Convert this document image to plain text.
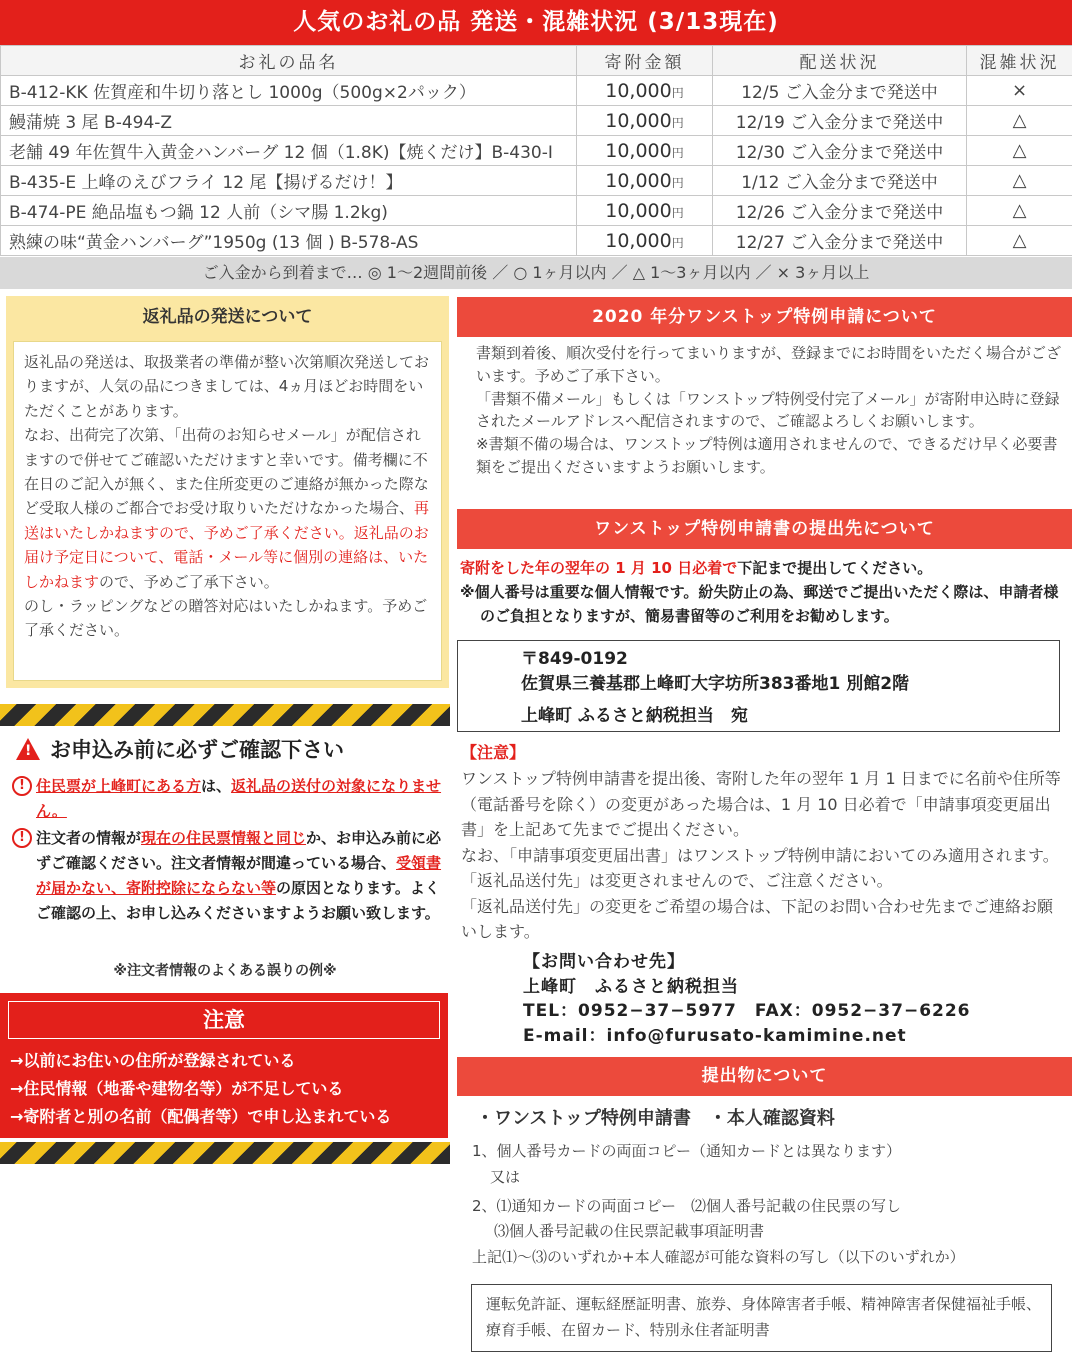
人気のお礼の品 発送・混雑状況 (3/13現在)
お礼の品名	寄附金額	配送状況	混雑状況
B-412-KK 佐賀産和牛切り落とし 1000g（500g×2パック）	10,000円	12/5 ご入金分まで発送中	×
鰻蒲焼 3 尾 B-494-Z	10,000円	12/19 ご入金分まで発送中	△
老舗 49 年佐賀牛入黄金ハンバーグ 12 個（1.8K)【焼くだけ】B-430-I	10,000円	12/30 ご入金分まで発送中	△
B-435-E 上峰のえびフライ 12 尾【揚げるだけ！】	10,000円	1/12 ご入金分まで発送中	△
B-474-PE 絶品塩もつ鍋 12 人前（シマ腸 1.2kg)	10,000円	12/26 ご入金分まで発送中	△
熟練の味“黄金ハンバーグ”1950g (13 個 ) B-578-AS	10,000円	12/27 ご入金分まで発送中	△
ご入金から到着まで… ◎ 1〜2週間前後 ／ ○ 1ヶ月以内 ／ △ 1〜3ヶ月以内 ／ × 3ヶ月以上
返礼品の発送について
返礼品の発送は、取扱業者の準備が整い次第順次発送しておりますが、人気の品につきましては、4ヵ月ほどお時間をいただくことがあります。
なお、出荷完了次第、「出荷のお知らせメール」が配信されますので併せてご確認いただけますと幸いです。備考欄に不在日のご記入が無く、また住所変更のご連絡が無かった際など受取人様のご都合でお受け取りいただけなかった場合、再送はいたしかねますので、予めご了承ください。返礼品のお届け予定日について、電話・メール等に個別の連絡は、いたしかねますので、予めご了承下さい。
のし・ラッピングなどの贈答対応はいたしかねます。予めご了承ください。
! お申込み前に必ずご確認下さい
! 住民票が上峰町にある方は、返礼品の送付の対象になりません。
! 注文者の情報が現在の住民票情報と同じか、お申込み前に必ずご確認ください。注文者情報が間違っている場合、受領書が届かない、寄附控除にならない等の原因となります。よくご確認の上、お申し込みくださいますようお願い致します。
※注文者情報のよくある誤りの例※
注意
→以前にお住いの住所が登録されている
→住民情報（地番や建物名等）が不足している
→寄附者と別の名前（配偶者等）で申し込まれている
2020 年分ワンストップ特例申請について
書類到着後、順次受付を行ってまいりますが、登録までにお時間をいただく場合がございます。予めご了承下さい。
「書類不備メール」もしくは「ワンストップ特例受付完了メール」が寄附申込時に登録されたメールアドレスへ配信されますので、ご確認よろしくお願いします。
※書類不備の場合は、ワンストップ特例は適用されませんので、できるだけ早く必要書類をご提出くださいますようお願いします。
ワンストップ特例申請書の提出先について
寄附をした年の翌年の 1 月 10 日必着で下記まで提出してください。
※個人番号は重要な個人情報です。紛失防止の為、郵送でご提出いただく際は、申請者様のご負担となりますが、簡易書留等のご利用をお勧めします。
〒849-0192
佐賀県三養基郡上峰町大字坊所383番地1 別館2階
上峰町 ふるさと納税担当　宛
【注意】
ワンストップ特例申請書を提出後、寄附した年の翌年 1 月 1 日までに名前や住所等（電話番号を除く）の変更があった場合は、1 月 10 日必着で「申請事項変更届出書」を上記あて先までご提出ください。
なお、「申請事項変更届出書」はワンストップ特例申請においてのみ適用されます。「返礼品送付先」は変更されませんので、ご注意ください。
「返礼品送付先」の変更をご希望の場合は、下記のお問い合わせ先までご連絡お願いします。
【お問い合わせ先】
上峰町　ふるさと納税担当
TEL：0952−37−5977　FAX：0952−37−6226
E-mail：info@furusato-kamimine.net
提出物について
・ワンストップ特例申請書　・本人確認資料
1、個人番号カードの両面コピー（通知カードとは異なります）
又は
2、⑴通知カードの両面コピー　⑵個人番号記載の住民票の写し
⑶個人番号記載の住民票記載事項証明書
上記⑴〜⑶のいずれか+本人確認が可能な資料の写し（以下のいずれか）
運転免許証、運転経歴証明書、旅券、身体障害者手帳、精神障害者保健福祉手帳、療育手帳、在留カード、特別永住者証明書
